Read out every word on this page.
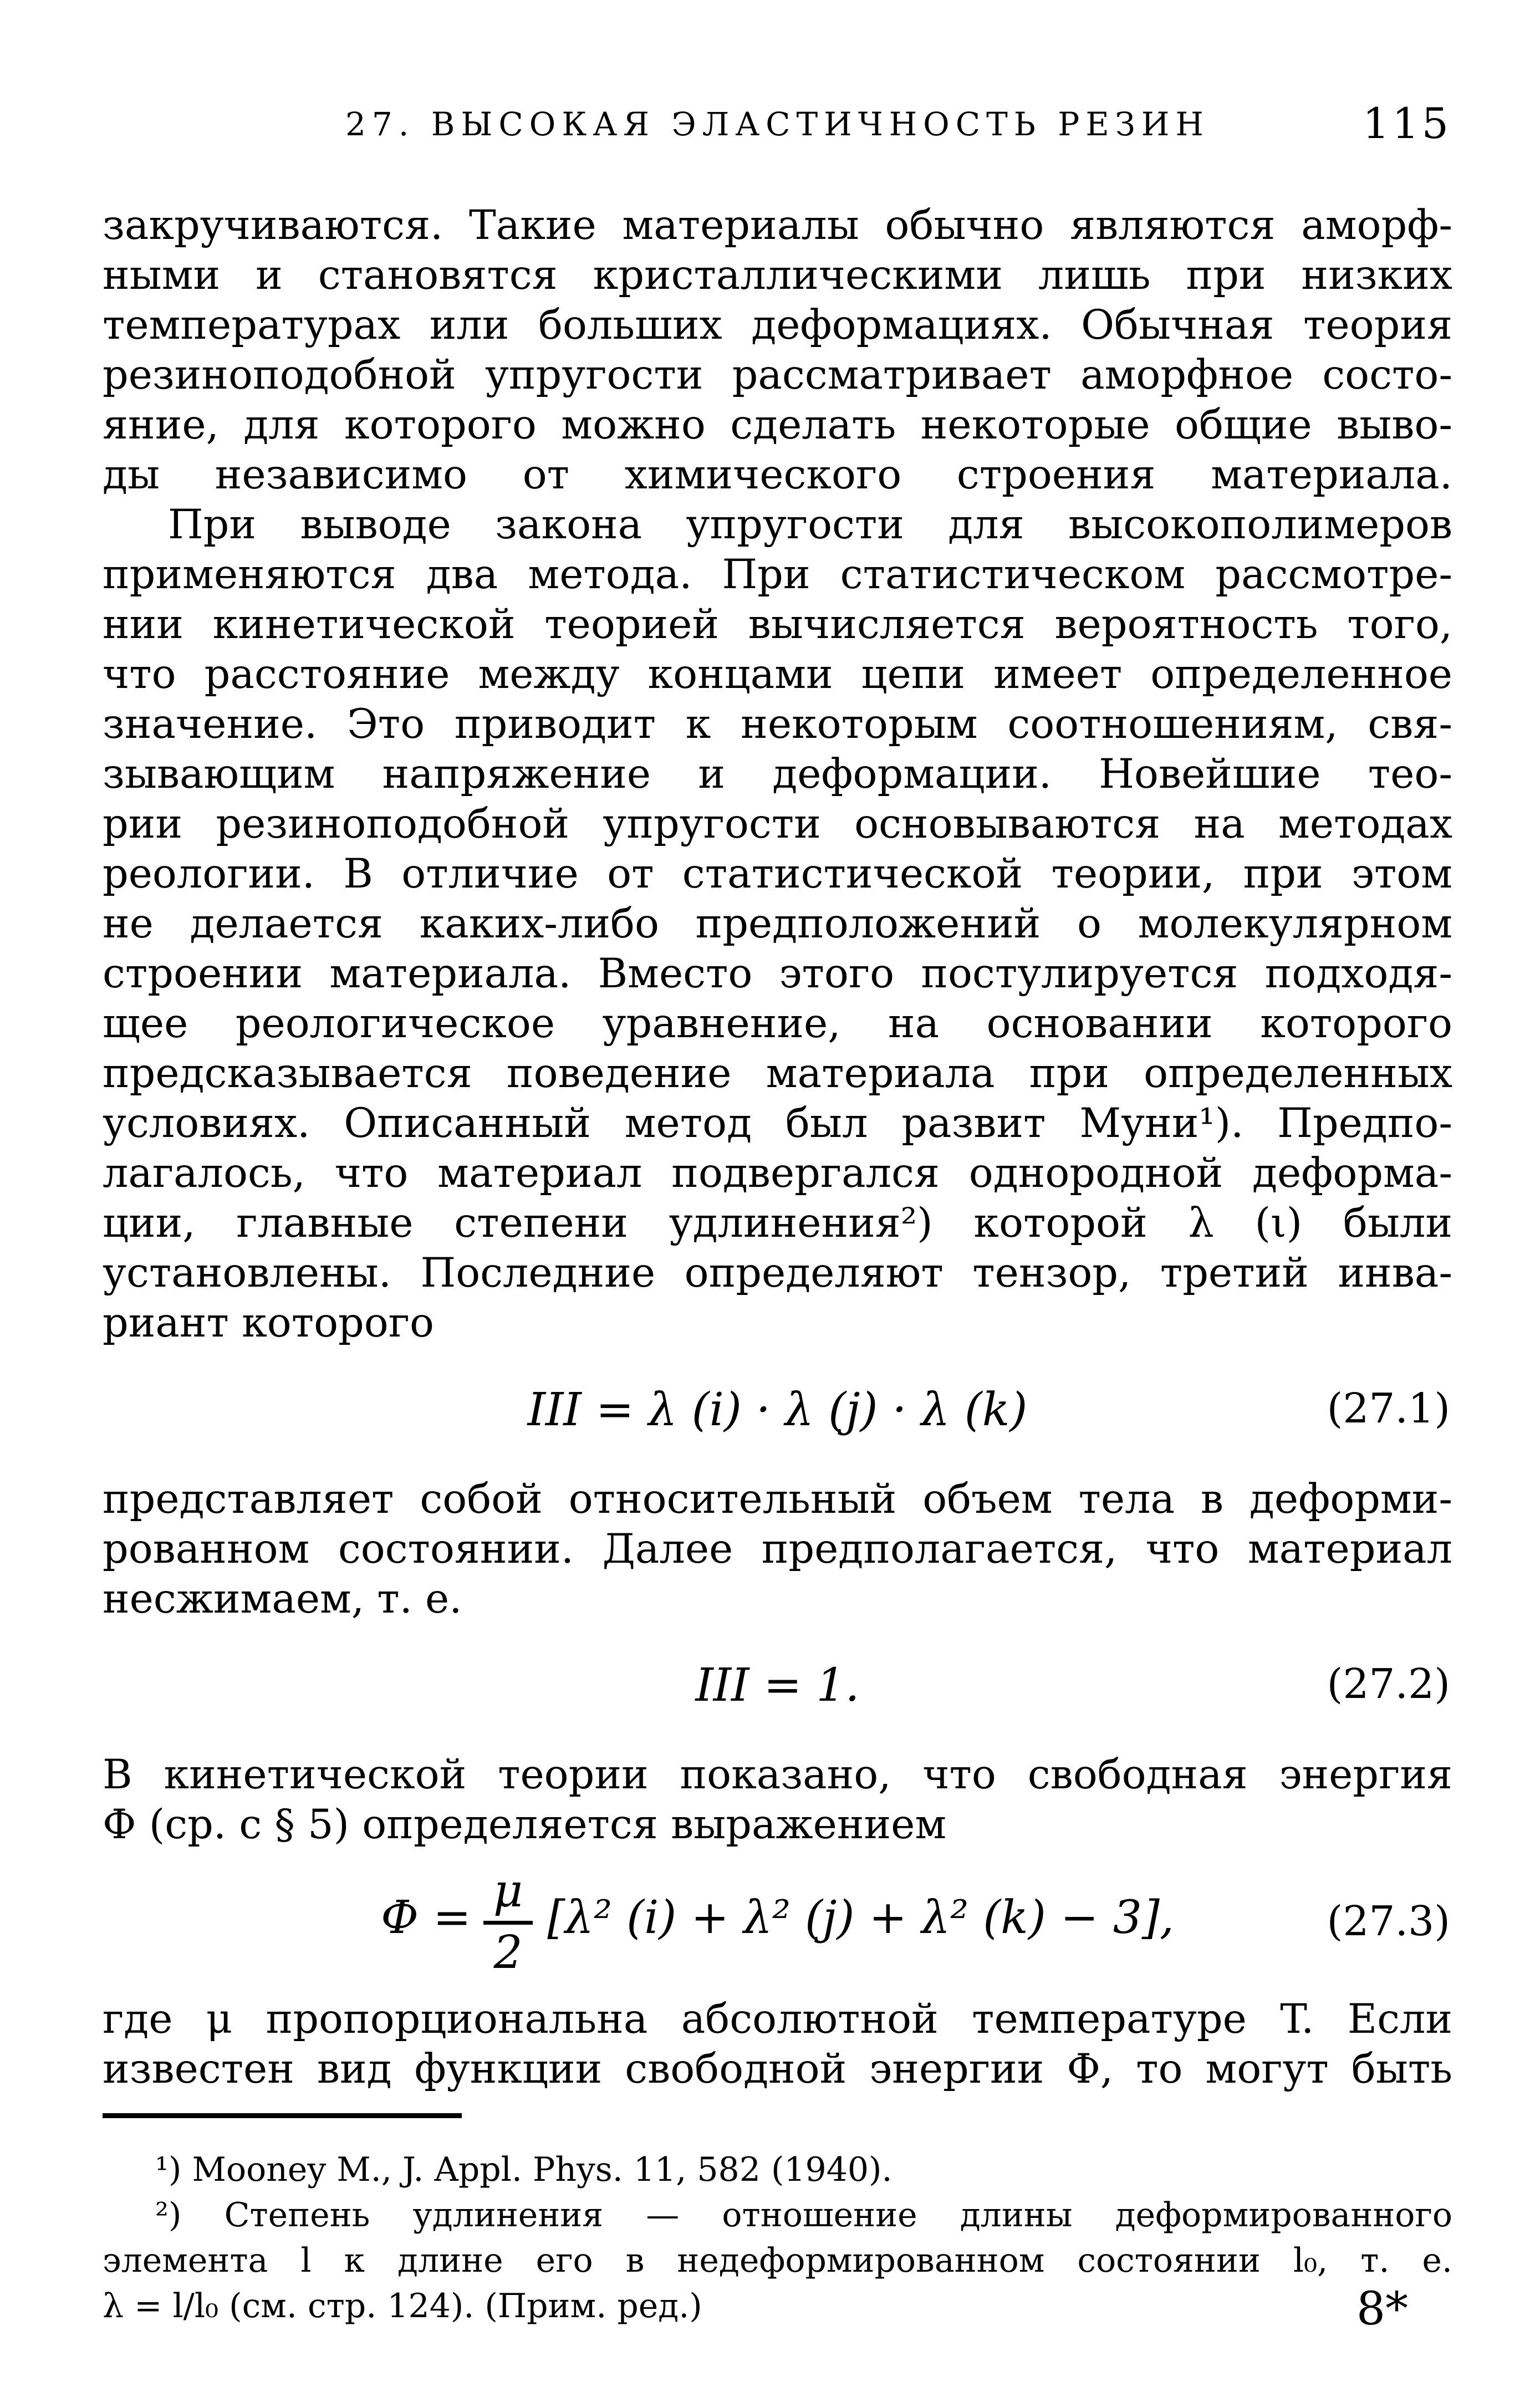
27. ВЫСОКАЯ ЭЛАСТИЧНОСТЬ РЕЗИН	115
закручиваются. Такие материалы обычно являются аморф-
ными и становятся кристаллическими лишь при низких
температурах или больших деформациях. Обычная теория
резиноподобной упругости рассматривает аморфное состо-
яние, для которого можно сделать некоторые общие выво-
ды независимо от химического строения материала.
При выводе закона упругости для высокополимеров
применяются два метода. При статистическом рассмотре-
нии кинетической теорией вычисляется вероятность того,
что расстояние между концами цепи имеет определенное
значение. Это приводит к некоторым соотношениям, свя-
зывающим напряжение и деформации. Новейшие тео-
рии резиноподобной упругости основываются на методах
реологии. В отличие от статистической теории, при этом
не делается каких-либо предположений о молекулярном
строении материала. Вместо этого постулируется подходя-
щее реологическое уравнение, на основании которого
предсказывается поведение материала при определенных
условиях. Описанный метод был развит Муни¹). Предпо-
лагалось, что материал подвергался однородной деформа-
ции, главные степени удлинения²) которой λ (ι) были
установлены. Последние определяют тензор, третий инва-
риант которого
III = λ (i) · λ (j) · λ (k)	(27.1)
представляет собой относительный объем тела в деформи-
рованном состоянии. Далее предполагается, что материал
несжимаем, т. е.
III = 1.	(27.2)
В кинетической теории показано, что свободная энергия
Ф (ср. с § 5) определяется выражением
$Ф = \frac{\mu}{2} [\lambda^2$ (i) + λ² (j) + λ² (k) − 3],	(27.3)
где μ пропорциональна абсолютной температуре T. Если
известен вид функции свободной энергии Ф, то могут быть
¹) Mooney M., J. Appl. Phys. 11, 582 (1940).
²) Степень удлинения — отношение длины деформированного
элемента l к длине его в недеформированном состоянии l₀, т. е.
λ = l/l₀ (см. стр. 124). (Прим. ред.)	8*
